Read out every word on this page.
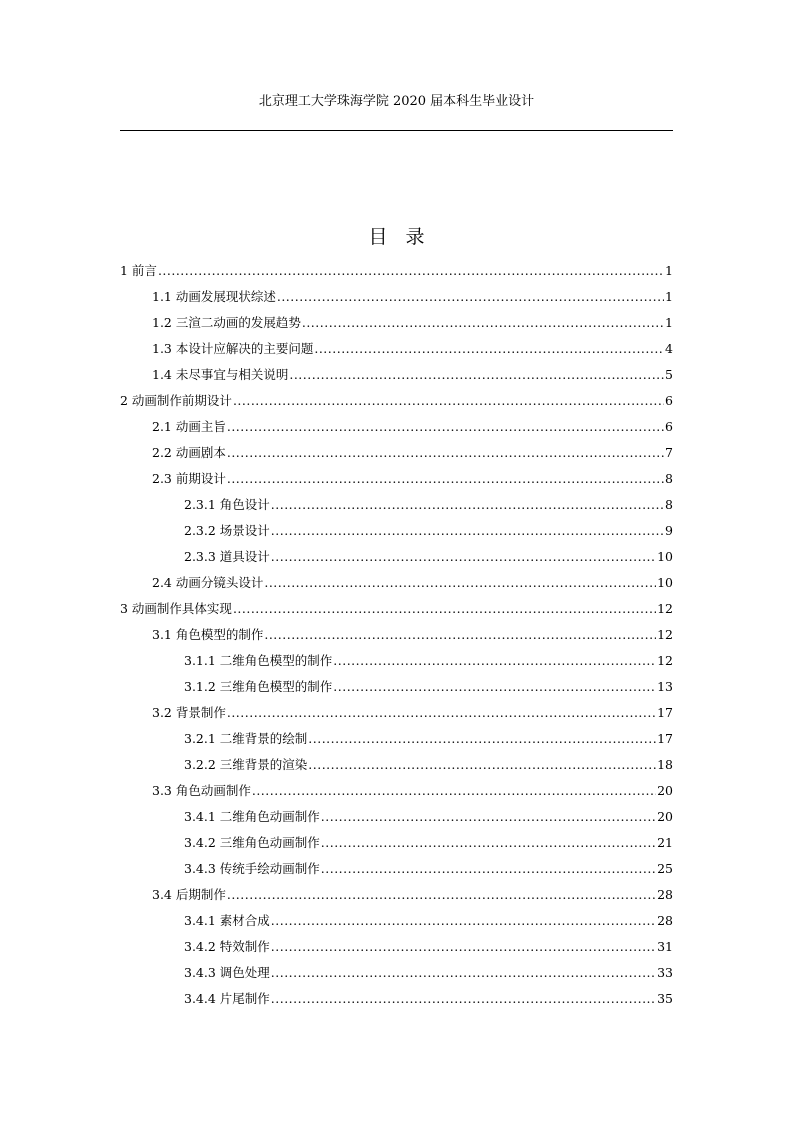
北京理工大学珠海学院 2020 届本科生毕业设计
目录
1 前言 .....	1
1.1 动画发展现状综述 .....	1
1.2 三渲二动画的发展趋势 .....	1
1.3 本设计应解决的主要问题 .....	4
1.4 未尽事宜与相关说明 .....	5
2 动画制作前期设计 .....	6
2.1 动画主旨 .....	6
2.2 动画剧本 .....	7
2.3 前期设计 .....	8
2.3.1 角色设计 .....	8
2.3.2 场景设计 .....	9
2.3.3 道具设计 .....	10
2.4 动画分镜头设计 .....	10
3 动画制作具体实现 .....	12
3.1 角色模型的制作 .....	12
3.1.1 二维角色模型的制作 .....	12
3.1.2 三维角色模型的制作 .....	13
3.2 背景制作 .....	17
3.2.1 二维背景的绘制 .....	17
3.2.2 三维背景的渲染 .....	18
3.3 角色动画制作 .....	20
3.4.1 二维角色动画制作 .....	20
3.4.2 三维角色动画制作 .....	21
3.4.3 传统手绘动画制作 .....	25
3.4 后期制作 .....	28
3.4.1 素材合成 .....	28
3.4.2 特效制作 .....	31
3.4.3 调色处理 .....	33
3.4.4 片尾制作 .....	35
